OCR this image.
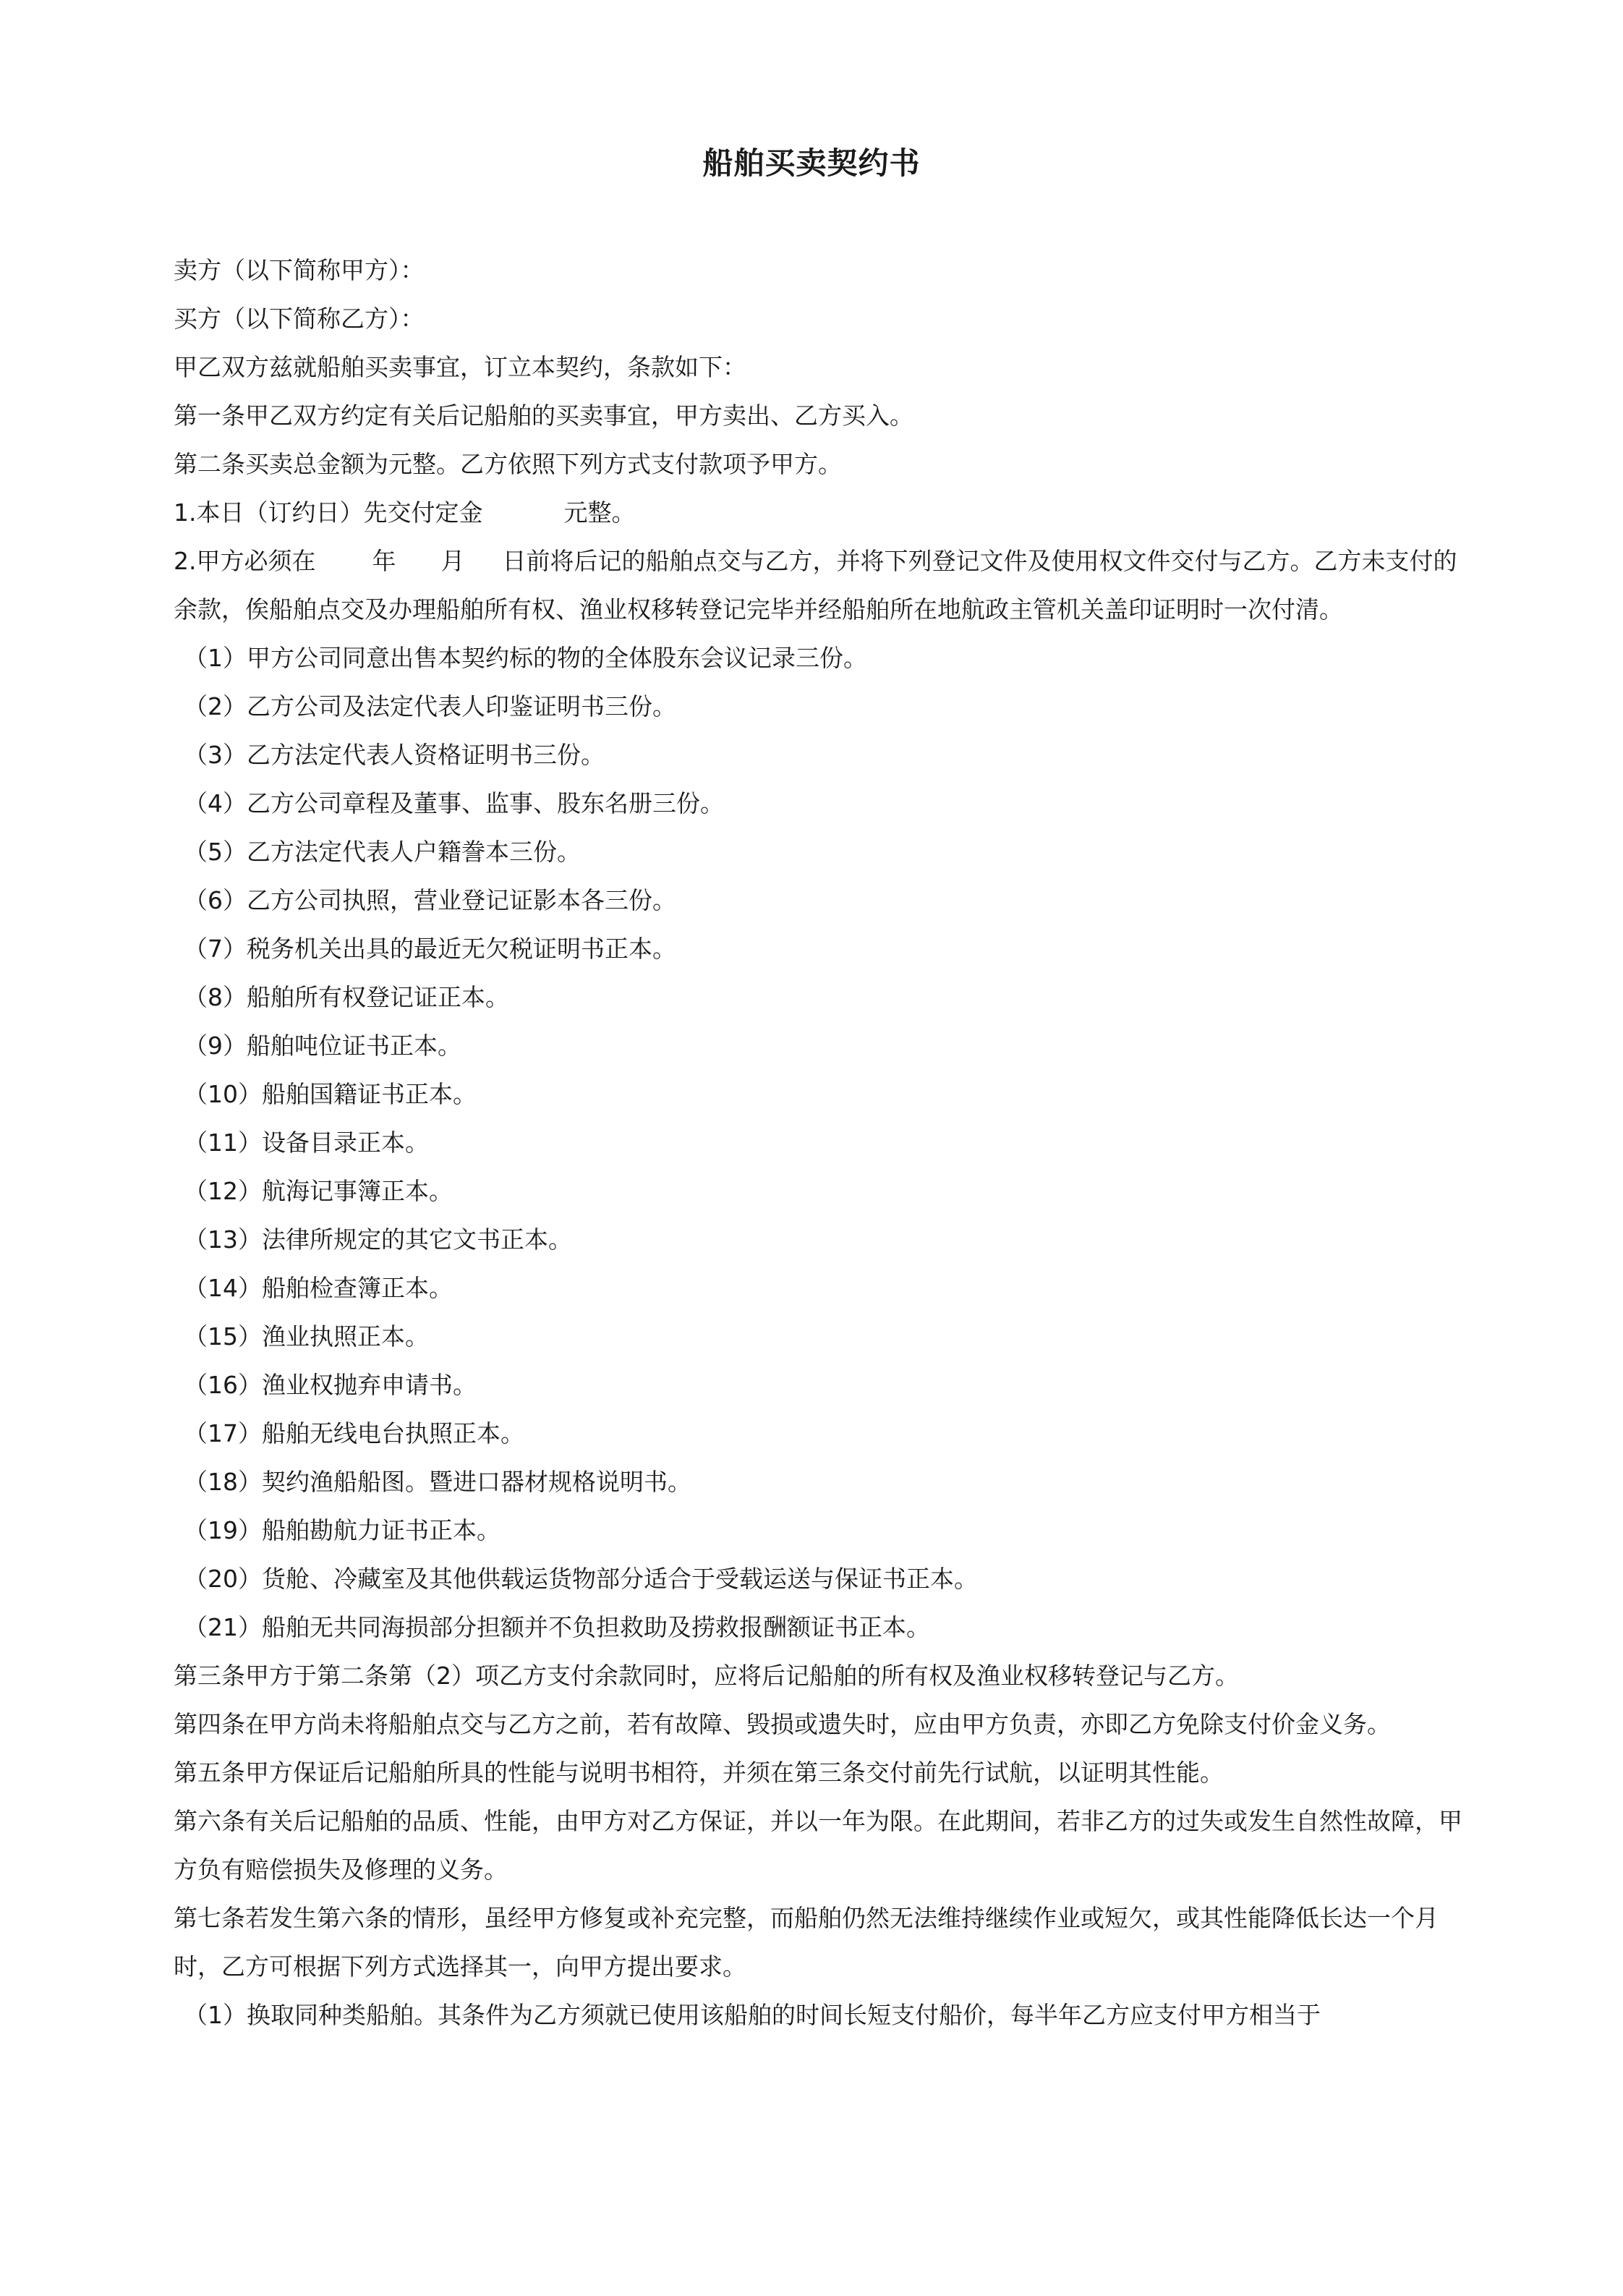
船舶买卖契约书

卖方（以下简称甲方）：

买方（以下简称乙方）：

甲乙双方兹就船舶买卖事宜，订立本契约，条款如下：

第一条甲乙双方约定有关后记船舶的买卖事宜，甲方卖出、乙方买入。

第二条买卖总金额为元整。乙方依照下列方式支付款项予甲方。

1.本日（订约日）先交付定金	元整。

2.甲方必须在 年 月 日前将后记的船舶点交与乙方，并将下列登记文件及使用权文件交付与乙方。乙方未支付的余款，俟船舶点交及办理船舶所有权、渔业权移转登记完毕并经船舶所在地航政主管机关盖印证明时一次付清。

（1）甲方公司同意出售本契约标的物的全体股东会议记录三份。

（2）乙方公司及法定代表人印鉴证明书三份。

（3）乙方法定代表人资格证明书三份。

（4）乙方公司章程及董事、监事、股东名册三份。

（5）乙方法定代表人户籍誊本三份。

（6）乙方公司执照，营业登记证影本各三份。

（7）税务机关出具的最近无欠税证明书正本。

（8）船舶所有权登记证正本。

（9）船舶吨位证书正本。

（10）船舶国籍证书正本。

（11）设备目录正本。

（12）航海记事簿正本。

（13）法律所规定的其它文书正本。

（14）船舶检查簿正本。

（15）渔业执照正本。

（16）渔业权抛弃申请书。

（17）船舶无线电台执照正本。

（18）契约渔船船图。暨进口器材规格说明书。

（19）船舶勘航力证书正本。

（20）货舱、冷藏室及其他供载运货物部分适合于受载运送与保证书正本。

（21）船舶无共同海损部分担额并不负担救助及捞救报酬额证书正本。

第三条甲方于第二条第（2）项乙方支付余款同时，应将后记船舶的所有权及渔业权移转登记与乙方。

第四条在甲方尚未将船舶点交与乙方之前，若有故障、毁损或遗失时，应由甲方负责，亦即乙方免除支付价金义务。

第五条甲方保证后记船舶所具的性能与说明书相符，并须在第三条交付前先行试航，以证明其性能。

第六条有关后记船舶的品质、性能，由甲方对乙方保证，并以一年为限。在此期间，若非乙方的过失或发生自然性故障，甲方负有赔偿损失及修理的义务。

第七条若发生第六条的情形，虽经甲方修复或补充完整，而船舶仍然无法维持继续作业或短欠，或其性能降低长达一个月时，乙方可根据下列方式选择其一，向甲方提出要求。

（1）换取同种类船舶。其条件为乙方须就已使用该船舶的时间长短支付船价，每半年乙方应支付甲方相当于
